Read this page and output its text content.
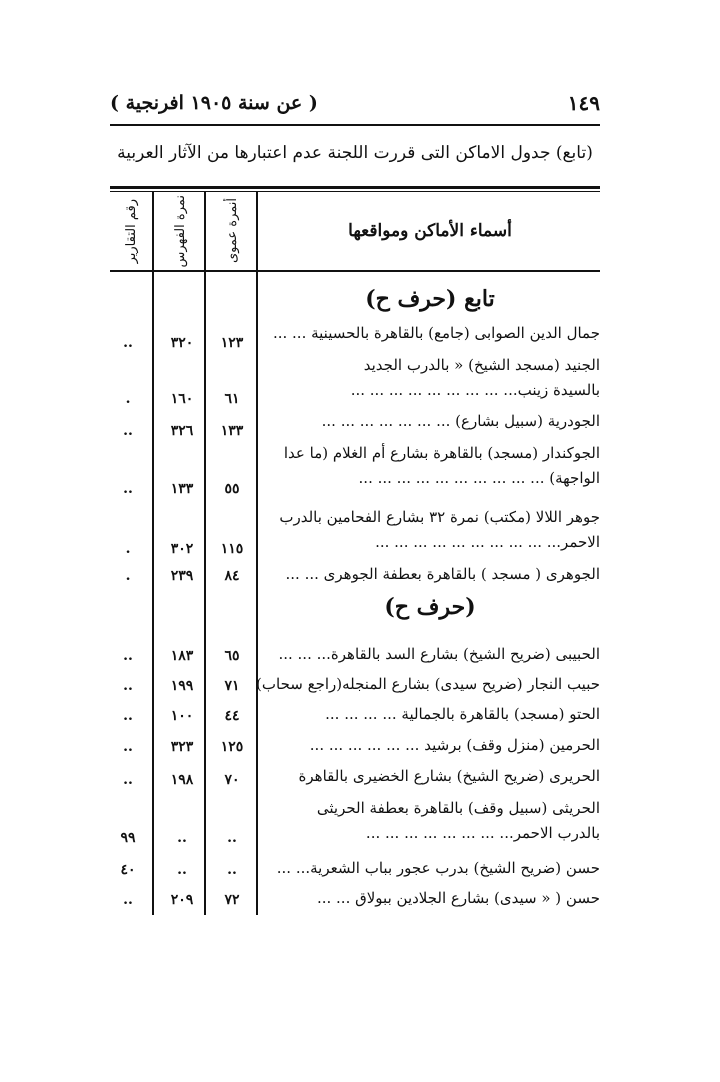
١٤٩
( عن سنة ١٩٠٥ افرنجية )
(تابع) جدول الاماكن التى قررت اللجنة عدم اعتبارها من الآثار العربية
أسماء الأماكن ومواقعها
أنمرة عموى
نمرة الفهرس
رقم التقارير
تابع (حرف ح)
جمال الدين الصوابى (جامع) بالقاهرة بالحسينية ... ...
١٢٣
٣٢٠
..
الجنيد (مسجد الشيخ) « بالدرب الجديد
بالسيدة زينب... ... ... ... ... ... ... ... ...
٦١
١٦٠
.
الجودرية (سبيل بشارع) ... ... ... ... ... ... ...
١٣٣
٣٢٦
..
الجوكندار (مسجد) بالقاهرة بشارع أم الغلام (ما عدا
الواجهة) ... ... ... ... ... ... ... ... ... ...
٥٥
١٣٣
..
جوهر اللالا (مكتب) نمرة ٣٢ بشارع الفحامين بالدرب
الاحمر... ... ... ... ... ... ... ... ... ...
١١٥
٣٠٢
.
الجوهرى ( مسجد ) بالقاهرة بعطفة الجوهرى ... ...
٨٤
٢٣٩
.
(حرف ح)
الحبيبى (ضريح الشيخ) بشارع السد بالقاهرة... ... ...
٦٥
١٨٣
..
حبيب النجار (ضريح سيدى) بشارع المنجله(راجع سحاب)
٧١
١٩٩
..
الحتو (مسجد) بالقاهرة بالجمالية ... ... ... ...
٤٤
١٠٠
..
الحرمين (منزل وقف) برشيد ... ... ... ... ... ...
١٢٥
٣٢٣
..
الحريرى (ضريح الشيخ) بشارع الخضيرى بالقاهرة
٧٠
١٩٨
..
الحريثى (سبيل وقف) بالقاهرة بعطفة الحريثى
بالدرب الاحمر... ... ... ... ... ... ... ...
..
..
٩٩
حسن (ضريح الشيخ) بدرب عجور بباب الشعرية... ...
..
..
٤٠
حسن ( « سيدى) بشارع الجلادين ببولاق ... ...
٧٢
٢٠٩
..
